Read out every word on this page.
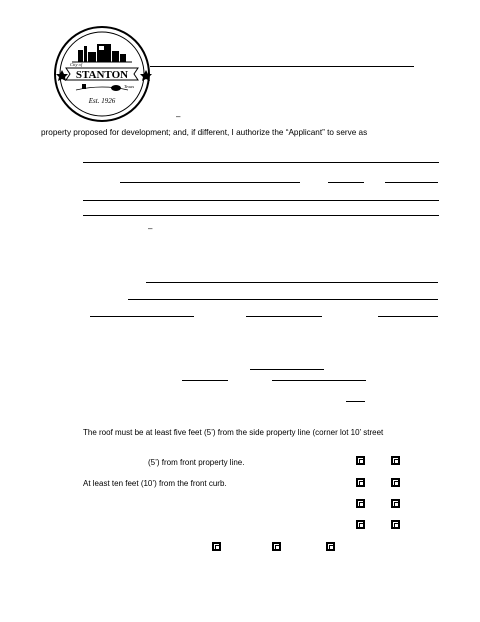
STANTON
City of
Texas
Est. 1926
–
property proposed for development; and, if different, I authorize the “Applicant” to serve as
–
The roof must be at least five feet (5’) from the side property line (corner lot 10’ street
(5’) from front property line.
At least ten feet (10’) from the front curb.
